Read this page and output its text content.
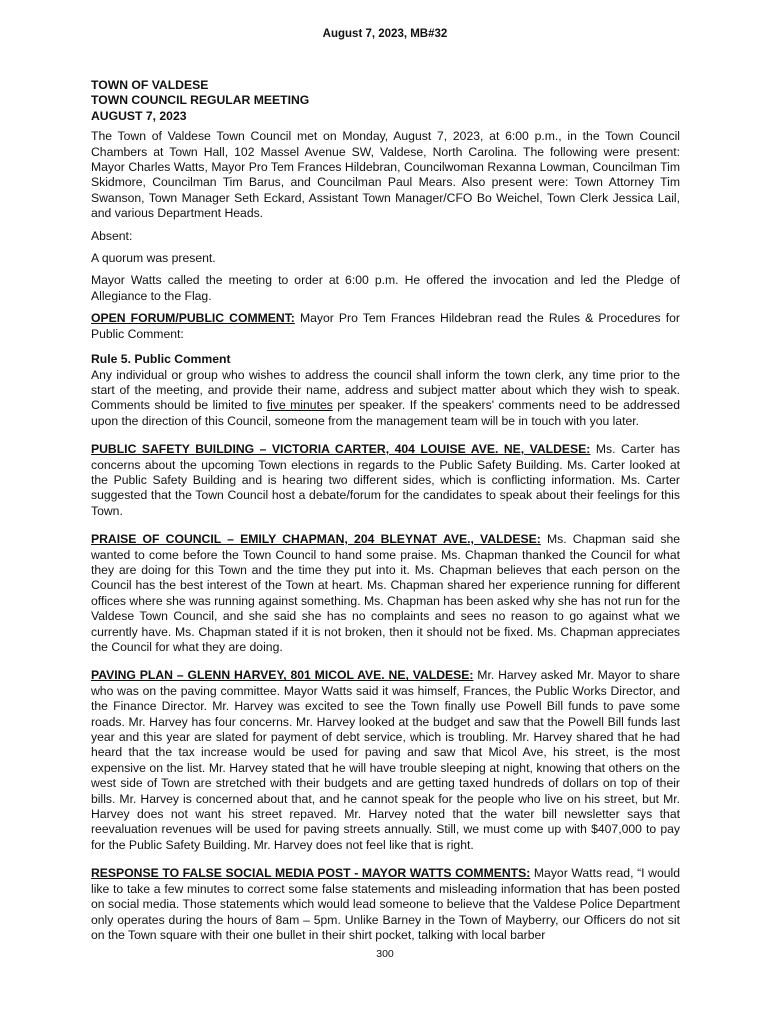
August 7, 2023, MB#32
TOWN OF VALDESE
TOWN COUNCIL REGULAR MEETING
AUGUST 7, 2023

The Town of Valdese Town Council met on Monday, August 7, 2023, at 6:00 p.m., in the Town Council Chambers at Town Hall, 102 Massel Avenue SW, Valdese, North Carolina. The following were present: Mayor Charles Watts, Mayor Pro Tem Frances Hildebran, Councilwoman Rexanna Lowman, Councilman Tim Skidmore, Councilman Tim Barus, and Councilman Paul Mears. Also present were: Town Attorney Tim Swanson, Town Manager Seth Eckard, Assistant Town Manager/CFO Bo Weichel, Town Clerk Jessica Lail, and various Department Heads.

Absent:

A quorum was present.

Mayor Watts called the meeting to order at 6:00 p.m. He offered the invocation and led the Pledge of Allegiance to the Flag.

OPEN FORUM/PUBLIC COMMENT: Mayor Pro Tem Frances Hildebran read the Rules & Procedures for Public Comment:

Rule 5. Public Comment
Any individual or group who wishes to address the council shall inform the town clerk, any time prior to the start of the meeting, and provide their name, address and subject matter about which they wish to speak. Comments should be limited to five minutes per speaker. If the speakers' comments need to be addressed upon the direction of this Council, someone from the management team will be in touch with you later.

PUBLIC SAFETY BUILDING – VICTORIA CARTER, 404 LOUISE AVE. NE, VALDESE: Ms. Carter has concerns about the upcoming Town elections in regards to the Public Safety Building. Ms. Carter looked at the Public Safety Building and is hearing two different sides, which is conflicting information. Ms. Carter suggested that the Town Council host a debate/forum for the candidates to speak about their feelings for this Town.

PRAISE OF COUNCIL – EMILY CHAPMAN, 204 BLEYNAT AVE., VALDESE: Ms. Chapman said she wanted to come before the Town Council to hand some praise. Ms. Chapman thanked the Council for what they are doing for this Town and the time they put into it. Ms. Chapman believes that each person on the Council has the best interest of the Town at heart. Ms. Chapman shared her experience running for different offices where she was running against something. Ms. Chapman has been asked why she has not run for the Valdese Town Council, and she said she has no complaints and sees no reason to go against what we currently have. Ms. Chapman stated if it is not broken, then it should not be fixed. Ms. Chapman appreciates the Council for what they are doing.

PAVING PLAN – GLENN HARVEY, 801 MICOL AVE. NE, VALDESE: Mr. Harvey asked Mr. Mayor to share who was on the paving committee. Mayor Watts said it was himself, Frances, the Public Works Director, and the Finance Director. Mr. Harvey was excited to see the Town finally use Powell Bill funds to pave some roads. Mr. Harvey has four concerns. Mr. Harvey looked at the budget and saw that the Powell Bill funds last year and this year are slated for payment of debt service, which is troubling. Mr. Harvey shared that he had heard that the tax increase would be used for paving and saw that Micol Ave, his street, is the most expensive on the list. Mr. Harvey stated that he will have trouble sleeping at night, knowing that others on the west side of Town are stretched with their budgets and are getting taxed hundreds of dollars on top of their bills. Mr. Harvey is concerned about that, and he cannot speak for the people who live on his street, but Mr. Harvey does not want his street repaved. Mr. Harvey noted that the water bill newsletter says that reevaluation revenues will be used for paving streets annually. Still, we must come up with $407,000 to pay for the Public Safety Building. Mr. Harvey does not feel like that is right.

RESPONSE TO FALSE SOCIAL MEDIA POST - MAYOR WATTS COMMENTS: Mayor Watts read, “I would like to take a few minutes to correct some false statements and misleading information that has been posted on social media. Those statements which would lead someone to believe that the Valdese Police Department only operates during the hours of 8am – 5pm. Unlike Barney in the Town of Mayberry, our Officers do not sit on the Town square with their one bullet in their shirt pocket, talking with local barber

300
